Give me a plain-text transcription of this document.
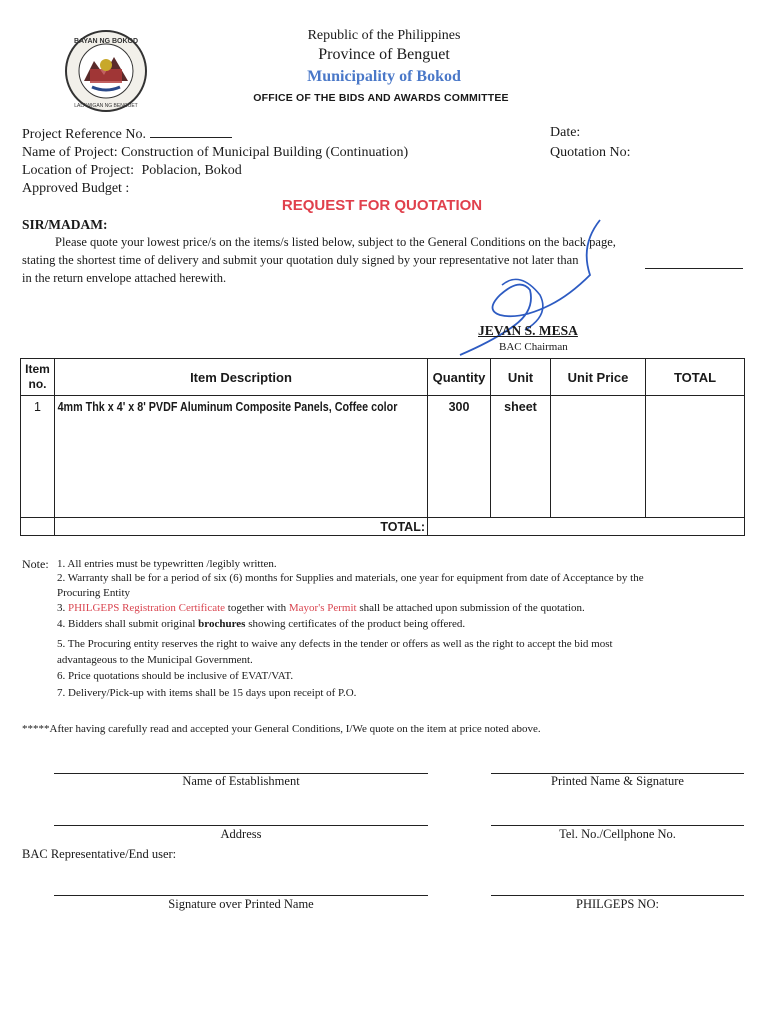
BAYAN NG BOKOD
LALAWIGAN NG BENGUET
Republic of the Philippines
Province of Benguet
Municipality of Bokod
OFFICE OF THE BIDS AND AWARDS COMMITTEE
Project Reference No.
Name of Project: Construction of Municipal Building (Continuation)
Location of Project: Poblacion, Bokod
Approved Budget :
Date:
Quotation No:
REQUEST FOR QUOTATION
SIR/MADAM:
Please quote your lowest price/s on the items/s listed below, subject to the General Conditions on the back page,
stating the shortest time of delivery and submit your quotation duly signed by your representative not later than
in the return envelope attached herewith.
JEVAN S. MESA
BAC Chairman
Item no.	Item Description	Quantity	Unit	Unit Price	TOTAL
1	4mm Thk x 4' x 8' PVDF Aluminum Composite Panels, Coffee color	300	sheet		
	TOTAL:				
Note: 1. All entries must be typewritten /legibly written.
2. Warranty shall be for a period of six (6) months for Supplies and materials, one year for equipment from date of Acceptance by the
Procuring Entity
3. PHILGEPS Registration Certificate together with Mayor's Permit shall be attached upon submission of the quotation.
4. Bidders shall submit original brochures showing certificates of the product being offered.
5. The Procuring entity reserves the right to waive any defects in the tender or offers as well as the right to accept the bid most
advantageous to the Municipal Government.
6. Price quotations should be inclusive of EVAT/VAT.
7. Delivery/Pick-up with items shall be 15 days upon receipt of P.O.
*****After having carefully read and accepted your General Conditions, I/We quote on the item at price noted above.
Name of Establishment	Printed Name & Signature
Address	Tel. No./Cellphone No.
BAC Representative/End user:
Signature over Printed Name	PHILGEPS NO:
